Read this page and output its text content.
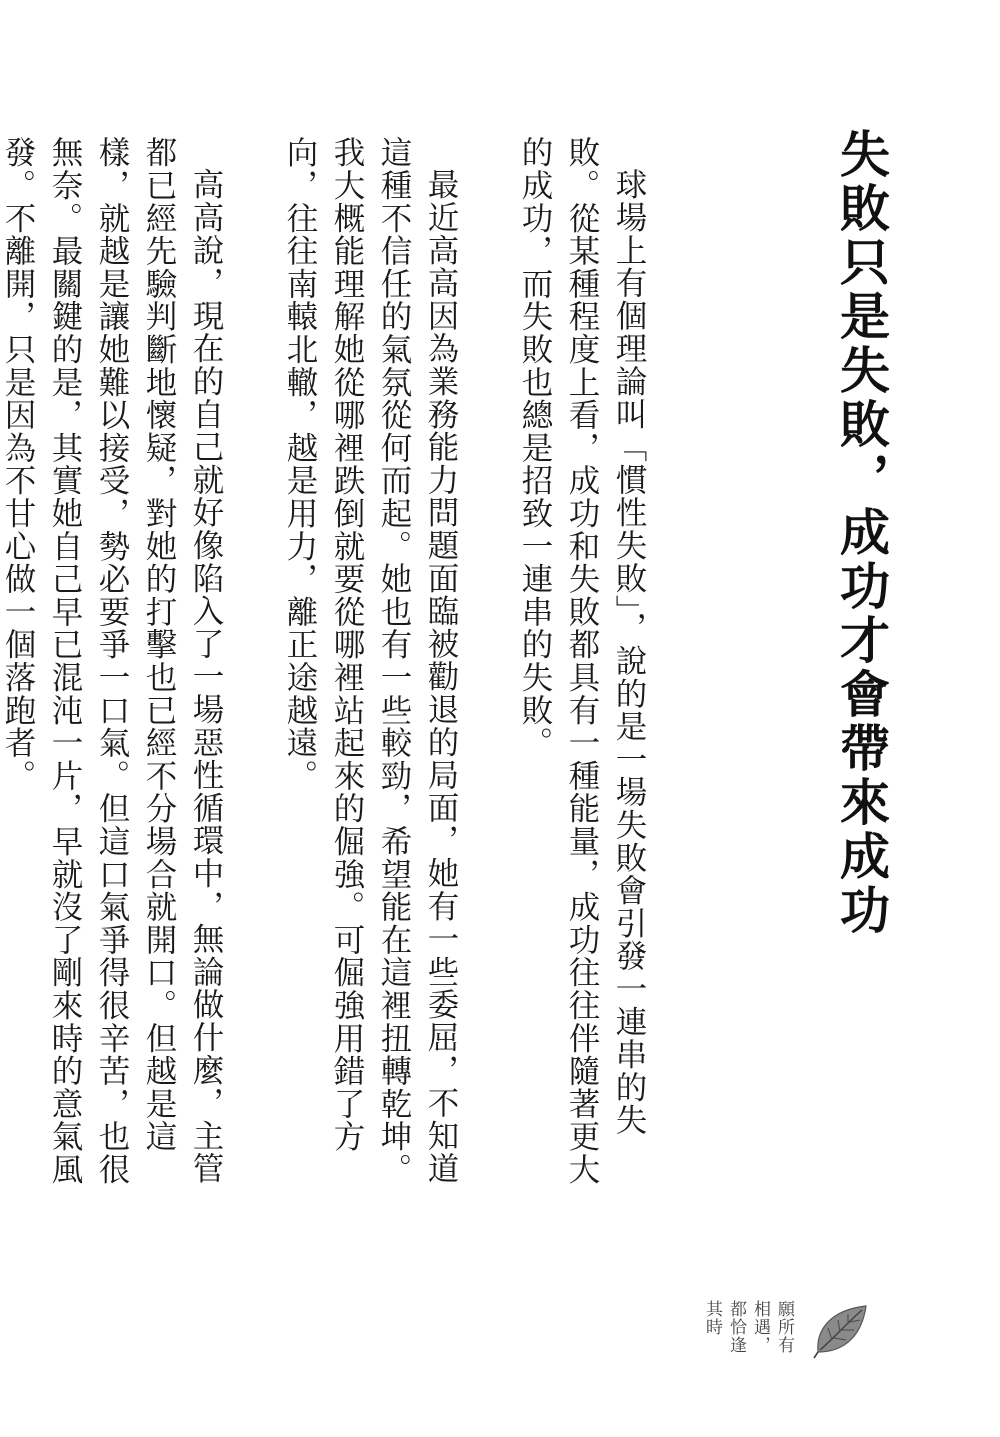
失敗只是失敗，成功才會帶來成功

球場上有個理論叫「慣性失敗」，說的是一場失敗會引發一連串的失敗。從某種程度上看，成功和失敗都具有一種能量，成功往往伴隨著更大的成功，而失敗也總是招致一連串的失敗。

最近高高因為業務能力問題面臨被勸退的局面，她有一些委屈，不知道這種不信任的氣氛從何而起。她也有一些較勁，希望能在這裡扭轉乾坤。我大概能理解她從哪裡跌倒就要從哪裡站起來的倔強。可倔強用錯了方向，往往南轅北轍，越是用力，離正途越遠。

高高說，現在的自己就好像陷入了一場惡性循環中，無論做什麼，主管都已經先驗判斷地懷疑，對她的打擊也已經不分場合就開口。但越是這樣，就越是讓她難以接受，勢必要爭一口氣。但這口氣爭得很辛苦，也很無奈。最關鍵的是，其實她自己早已混沌一片，早就沒了剛來時的意氣風發。不離開，只是因為不甘心做一個落跑者。

願所有
相遇，
都恰逢
其時
